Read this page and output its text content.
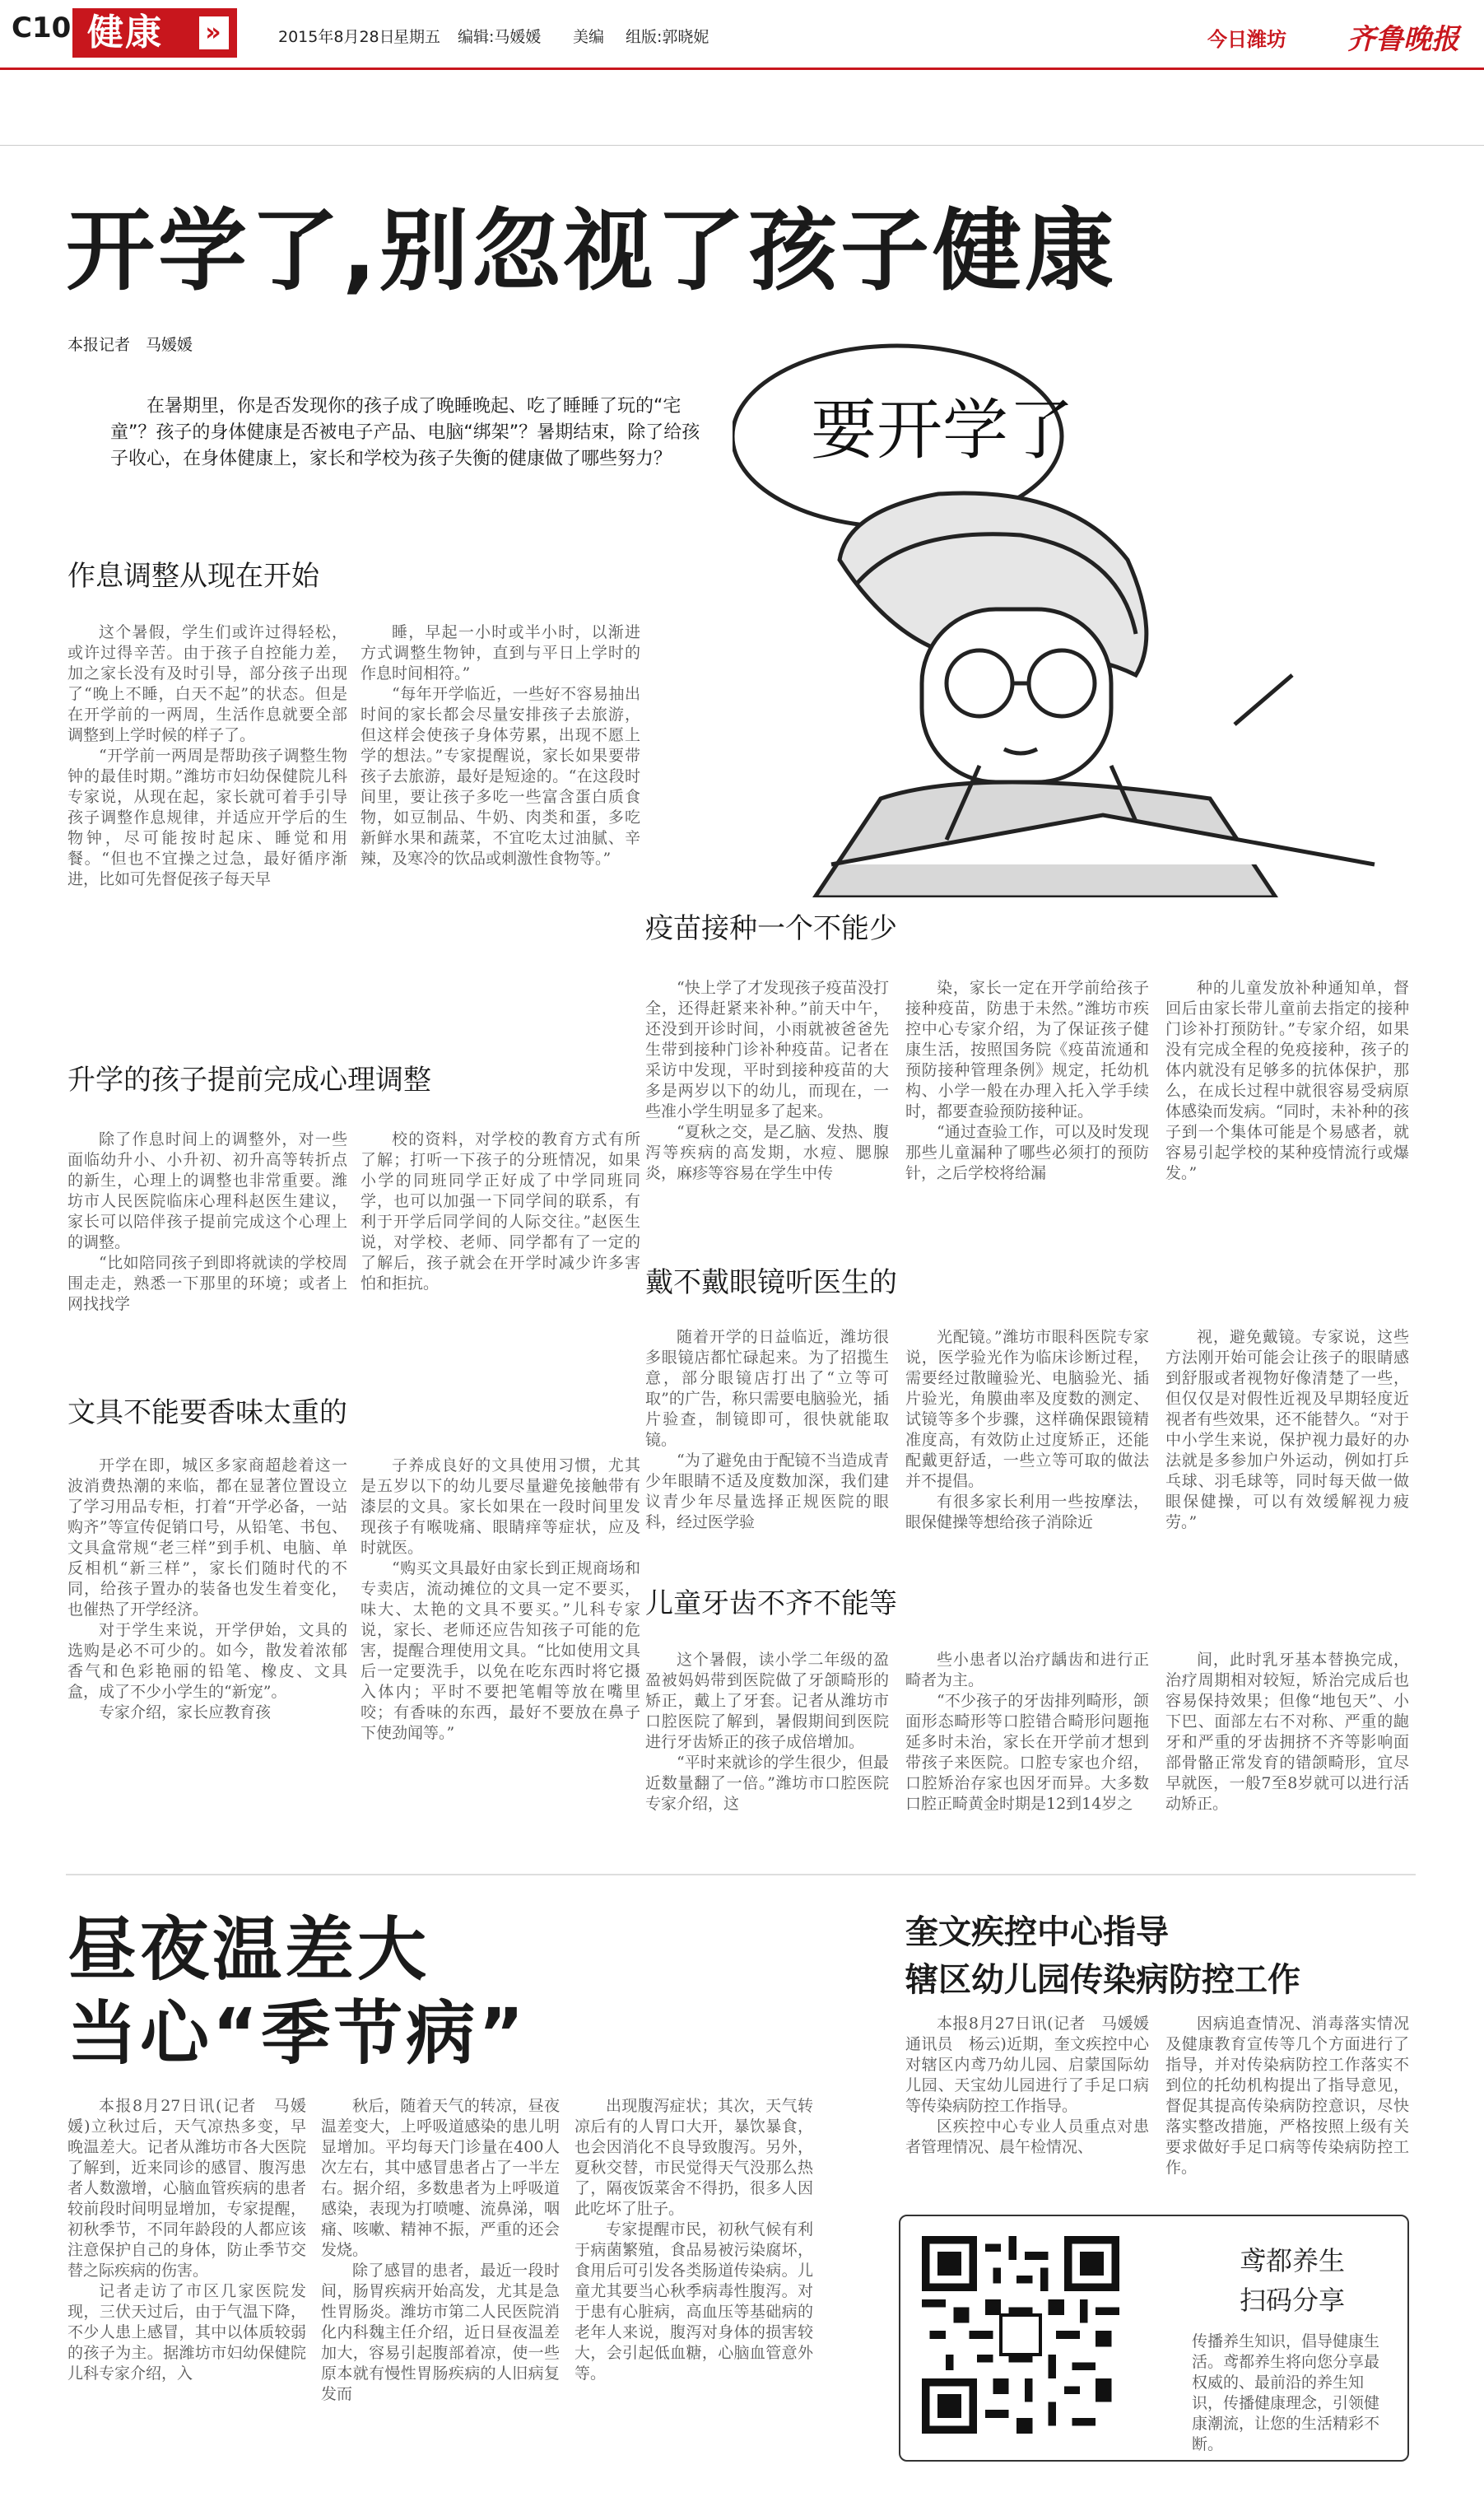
C10 健康 »	2015年8月28日
星期五 编辑:马媛媛 美编 组版:郭晓妮	今日潍坊 齐鲁晚报
开学了,别忽视了孩子健康
本报记者　马媛媛
在暑期里，你是否发现你的孩子成了晚睡晚起、吃了睡睡了玩的“宅童”？孩子的身体健康是否被电子产品、电脑“绑架”？暑期结束，除了给孩子收心，在身体健康上，家长和学校为孩子失衡的健康做了哪些努力？	要开学了
作息调整从现在开始

这个暑假，学生们或许过得轻松，或许过得辛苦。由于孩子自控能力差，加之家长没有及时引导，部分孩子出现了“晚上不睡，白天不起”的状态。但是在开学前的一两周，生活作息就要全部调整到上学时候的样子了。

“开学前一两周是帮助孩子调整生物钟的最佳时期。”潍坊市妇幼保健院儿科专家说，从现在起，家长就可着手引导孩子调整作息规律，并适应开学后的生物钟，尽可能按时起床、睡觉和用餐。“但也不宜操之过急，最好循序渐进，比如可先督促孩子每天早

睡，早起一小时或半小时，以渐进方式调整生物钟，直到与平日上学时的作息时间相符。”

“每年开学临近，一些好不容易抽出时间的家长都会尽量安排孩子去旅游，但这样会使孩子身体劳累，出现不愿上学的想法。”专家提醒说，家长如果要带孩子去旅游，最好是短途的。“在这段时间里，要让孩子多吃一些富含蛋白质食物，如豆制品、牛奶、肉类和蛋，多吃新鲜水果和蔬菜，不宜吃太过油腻、辛辣，及寒冷的饮品或刺激性食物等。”

升学的孩子提前完成心理调整

除了作息时间上的调整外，对一些面临幼升小、小升初、初升高等转折点的新生，心理上的调整也非常重要。潍坊市人民医院临床心理科赵医生建议，家长可以陪伴孩子提前完成这个心理上的调整。

“比如陪同孩子到即将就读的学校周围走走，熟悉一下那里的环境；或者上网找找学

校的资料，对学校的教育方式有所了解；打听一下孩子的分班情况，如果小学的同班同学正好成了中学同班同学，也可以加强一下同学间的联系，有利于开学后同学间的人际交往。”赵医生说，对学校、老师、同学都有了一定的了解后，孩子就会在开学时减少许多害怕和拒抗。

文具不能要香味太重的

开学在即，城区多家商超趁着这一波消费热潮的来临，都在显著位置设立了学习用品专柜，打着“开学必备，一站购齐”等宣传促销口号，从铅笔、书包、文具盒常规“老三样”到手机、电脑、单反相机“新三样”，家长们随时代的不同，给孩子置办的装备也发生着变化，也催热了开学经济。

对于学生来说，开学伊始，文具的选购是必不可少的。如今，散发着浓郁香气和色彩艳丽的铅笔、橡皮、文具盒，成了不少小学生的“新宠”。

专家介绍，家长应教育孩

子养成良好的文具使用习惯，尤其是五岁以下的幼儿要尽量避免接触带有漆层的文具。家长如果在一段时间里发现孩子有喉咙痛、眼睛痒等症状，应及时就医。

“购买文具最好由家长到正规商场和专卖店，流动摊位的文具一定不要买，味大、太艳的文具不要买。”儿科专家说，家长、老师还应告知孩子可能的危害，提醒合理使用文具。“比如使用文具后一定要洗手，以免在吃东西时将它摄入体内；平时不要把笔帽等放在嘴里咬；有香味的东西，最好不要放在鼻子下使劲闻等。”

疫苗接种一个不能少

“快上学了才发现孩子疫苗没打全，还得赶紧来补种。”前天中午，还没到开诊时间，小雨就被爸爸先生带到接种门诊补种疫苗。记者在采访中发现，平时到接种疫苗的大多是两岁以下的幼儿，而现在，一些准小学生明显多了起来。

“夏秋之交，是乙脑、发热、腹泻等疾病的高发期，水痘、腮腺炎，麻疹等容易在学生中传

染，家长一定在开学前给孩子接种疫苗，防患于未然。”潍坊市疾控中心专家介绍，为了保证孩子健康生活，按照国务院《疫苗流通和预防接种管理条例》规定，托幼机构、小学一般在办理入托入学手续时，都要查验预防接种证。

“通过查验工作，可以及时发现那些儿童漏种了哪些必须打的预防针，之后学校将给漏

种的儿童发放补种通知单，督回后由家长带儿童前去指定的接种门诊补打预防针。”专家介绍，如果没有完成全程的免疫接种，孩子的体内就没有足够多的抗体保护，那么，在成长过程中就很容易受病原体感染而发病。“同时，未补种的孩子到一个集体可能是个易感者，就容易引起学校的某种疫情流行或爆发。”

戴不戴眼镜听医生的

随着开学的日益临近，潍坊很多眼镜店都忙碌起来。为了招揽生意，部分眼镜店打出了“立等可取”的广告，称只需要电脑验光，插片验查，制镜即可，很快就能取镜。

“为了避免由于配镜不当造成青少年眼睛不适及度数加深，我们建议青少年尽量选择正规医院的眼科，经过医学验

光配镜。”潍坊市眼科医院专家说，医学验光作为临床诊断过程，需要经过散瞳验光、电脑验光、插片验光，角膜曲率及度数的测定、试镜等多个步骤，这样确保跟镜精准度高，有效防止过度矫正，还能配戴更舒适，一些立等可取的做法并不提倡。

有很多家长利用一些按摩法，眼保健操等想给孩子消除近

视，避免戴镜。专家说，这些方法刚开始可能会让孩子的眼睛感到舒服或者视物好像清楚了一些，但仅仅是对假性近视及早期轻度近视者有些效果，还不能替久。“对于中小学生来说，保护视力最好的办法就是多参加户外运动，例如打乒乓球、羽毛球等，同时每天做一做眼保健操，可以有效缓解视力疲劳。”

儿童牙齿不齐不能等

这个暑假，读小学二年级的盈盈被妈妈带到医院做了牙颌畸形的矫正，戴上了牙套。记者从潍坊市口腔医院了解到，暑假期间到医院进行牙齿矫正的孩子成倍增加。

“平时来就诊的学生很少，但最近数量翻了一倍。”潍坊市口腔医院专家介绍，这

些小患者以治疗龋齿和进行正畸者为主。

“不少孩子的牙齿排列畸形，颌面形态畸形等口腔错合畸形问题拖延多时未治，家长在开学前才想到带孩子来医院。口腔专家也介绍，口腔矫治存家也因牙而异。大多数口腔正畸黄金时期是12到14岁之

间，此时乳牙基本替换完成，治疗周期相对较短，矫治完成后也容易保持效果；但像“地包天”、小下巴、面部左右不对称、严重的龅牙和严重的牙齿拥挤不齐等影响面部骨骼正常发育的错颌畸形，宜尽早就医，一般7至8岁就可以进行活动矫正。

昼夜温差大
当心“季节病”

本报8月27日讯(记者　马媛媛)立秋过后，天气凉热多变，早晚温差大。记者从潍坊市各大医院了解到，近来同诊的感冒、腹泻患者人数激增，心脑血管疾病的患者较前段时间明显增加，专家提醒，初秋季节，不同年龄段的人都应该注意保护自己的身体，防止季节交替之际疾病的伤害。

记者走访了市区几家医院发现，三伏天过后，由于气温下降，不少人患上感冒，其中以体质较弱的孩子为主。据潍坊市妇幼保健院儿科专家介绍，入

秋后，随着天气的转凉，昼夜温差变大，上呼吸道感染的患儿明显增加。平均每天门诊量在400人次左右，其中感冒患者占了一半左右。据介绍，多数患者为上呼吸道感染，表现为打喷嚏、流鼻涕，咽痛、咳嗽、精神不振，严重的还会发烧。

除了感冒的患者，最近一段时间，肠胃疾病开始高发，尤其是急性胃肠炎。潍坊市第二人民医院消化内科魏主任介绍，近日昼夜温差加大，容易引起腹部着凉，使一些原本就有慢性胃肠疾病的人旧病复发而

出现腹泻症状；其次，天气转凉后有的人胃口大开，暴饮暴食，也会因消化不良导致腹泻。另外，夏秋交替，市民觉得天气没那么热了，隔夜饭菜舍不得扔，很多人因此吃坏了肚子。

专家提醒市民，初秋气候有利于病菌繁殖，食品易被污染腐坏，食用后可引发各类肠道传染病。儿童尤其要当心秋季病毒性腹泻。对于患有心脏病，高血压等基础病的老年人来说，腹泻对身体的损害较大，会引起低血糖，心脑血管意外等。

奎文疾控中心指导
辖区幼儿园传染病防控工作

本报8月27日讯(记者　马媛媛　通讯员　杨云)近期，奎文疾控中心对辖区内鸢乃幼儿园、启蒙国际幼儿园、天宝幼儿园进行了手足口病等传染病防控工作指导。

区疾控中心专业人员重点对患者管理情况、晨午检情况、

因病追查情况、消毒落实情况及健康教育宣传等几个方面进行了指导，并对传染病防控工作落实不到位的托幼机构提出了指导意见，督促其提高传染病防控意识，尽快落实整改措施，严格按照上级有关要求做好手足口病等传染病防控工作。

鸢都养生
扫码分享
传播养生知识，倡导健康生活。鸢都养生将向您分享最权威的、最前沿的养生知识，传播健康理念，引领健康潮流，让您的生活精彩不断。
